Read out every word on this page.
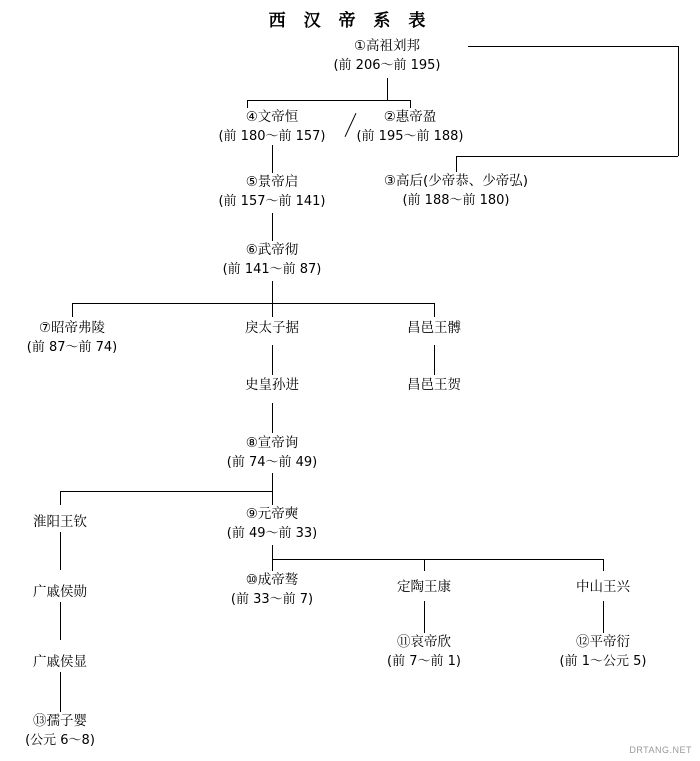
西 汉 帝 系 表
①高祖刘邦
(前 206～前 195)
④文帝恒
(前 180～前 157)
②惠帝盈
(前 195～前 188)
⑤景帝启
(前 157～前 141)
③高后(少帝恭、少帝弘)
(前 188～前 180)
⑥武帝彻
(前 141～前 87)
⑦昭帝弗陵
(前 87～前 74)
戾太子据	昌邑王髆
史皇孙进	昌邑王贺
⑧宣帝询
(前 74～前 49)
淮阳王钦	⑨元帝奭
(前 49～前 33)
广戚侯勋
⑩成帝骜
(前 33～前 7)
定陶王康	中山王兴
广戚侯显
⑪哀帝欣
(前 7～前 1)
⑫平帝衍
(前 1～公元 5)
⑬孺子婴
(公元 6～8)
DRTANG.NET
